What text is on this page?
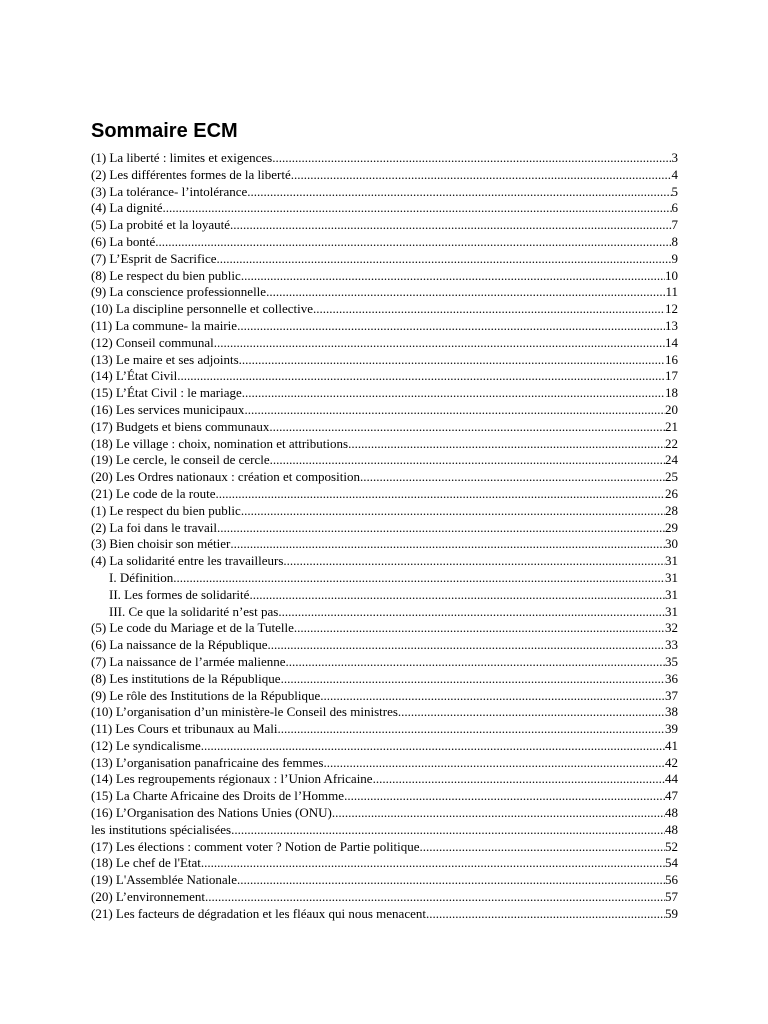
Sommaire ECM
(1) La liberté : limites et exigences .....	3
(2) Les différentes formes de la liberté .....	4
(3) La tolérance- l’intolérance .....	5
(4) La dignité .....	6
(5) La probité et la loyauté .....	7
(6) La bonté .....	8
(7) L’Esprit de Sacrifice .....	9
(8) Le respect du bien public .....	10
(9) La conscience professionnelle .....	11
(10) La discipline personnelle et collective .....	12
(11) La commune- la mairie .....	13
(12) Conseil communal .....	14
(13) Le maire et ses adjoints .....	16
(14) L’État Civil .....	17
(15) L’État Civil : le mariage .....	18
(16) Les services municipaux .....	20
(17) Budgets et biens communaux .....	21
(18) Le village : choix, nomination et attributions .....	22
(19) Le cercle, le conseil de cercle .....	24
(20) Les Ordres nationaux : création et composition .....	25
(21) Le code de la route .....	26
(1) Le respect du bien public .....	28
(2) La foi dans le travail .....	29
(3) Bien choisir son métier .....	30
(4) La solidarité entre les travailleurs .....	31
I. Définition .....	31
II. Les formes de solidarité .....	31
III. Ce que la solidarité n’est pas .....	31
(5) Le code du Mariage et de la Tutelle .....	32
(6) La naissance de la République .....	33
(7) La naissance de l’armée malienne .....	35
(8) Les institutions de la République .....	36
(9) Le rôle des Institutions de la République .....	37
(10) L’organisation d’un ministère-le Conseil des ministres .....	38
(11) Les Cours et tribunaux au Mali .....	39
(12) Le syndicalisme .....	41
(13) L’organisation panafricaine des femmes .....	42
(14) Les regroupements régionaux : l’Union Africaine .....	44
(15) La Charte Africaine des Droits de l’Homme .....	47
(16) L’Organisation des Nations Unies (ONU) .....	48
les institutions spécialisées .....	48
(17) Les élections : comment voter ? Notion de Partie politique .....	52
(18) Le chef de l'Etat .....	54
(19) L'Assemblée Nationale .....	56
(20) L’environnement .....	57
(21) Les facteurs de dégradation et les fléaux qui nous menacent .....	59
